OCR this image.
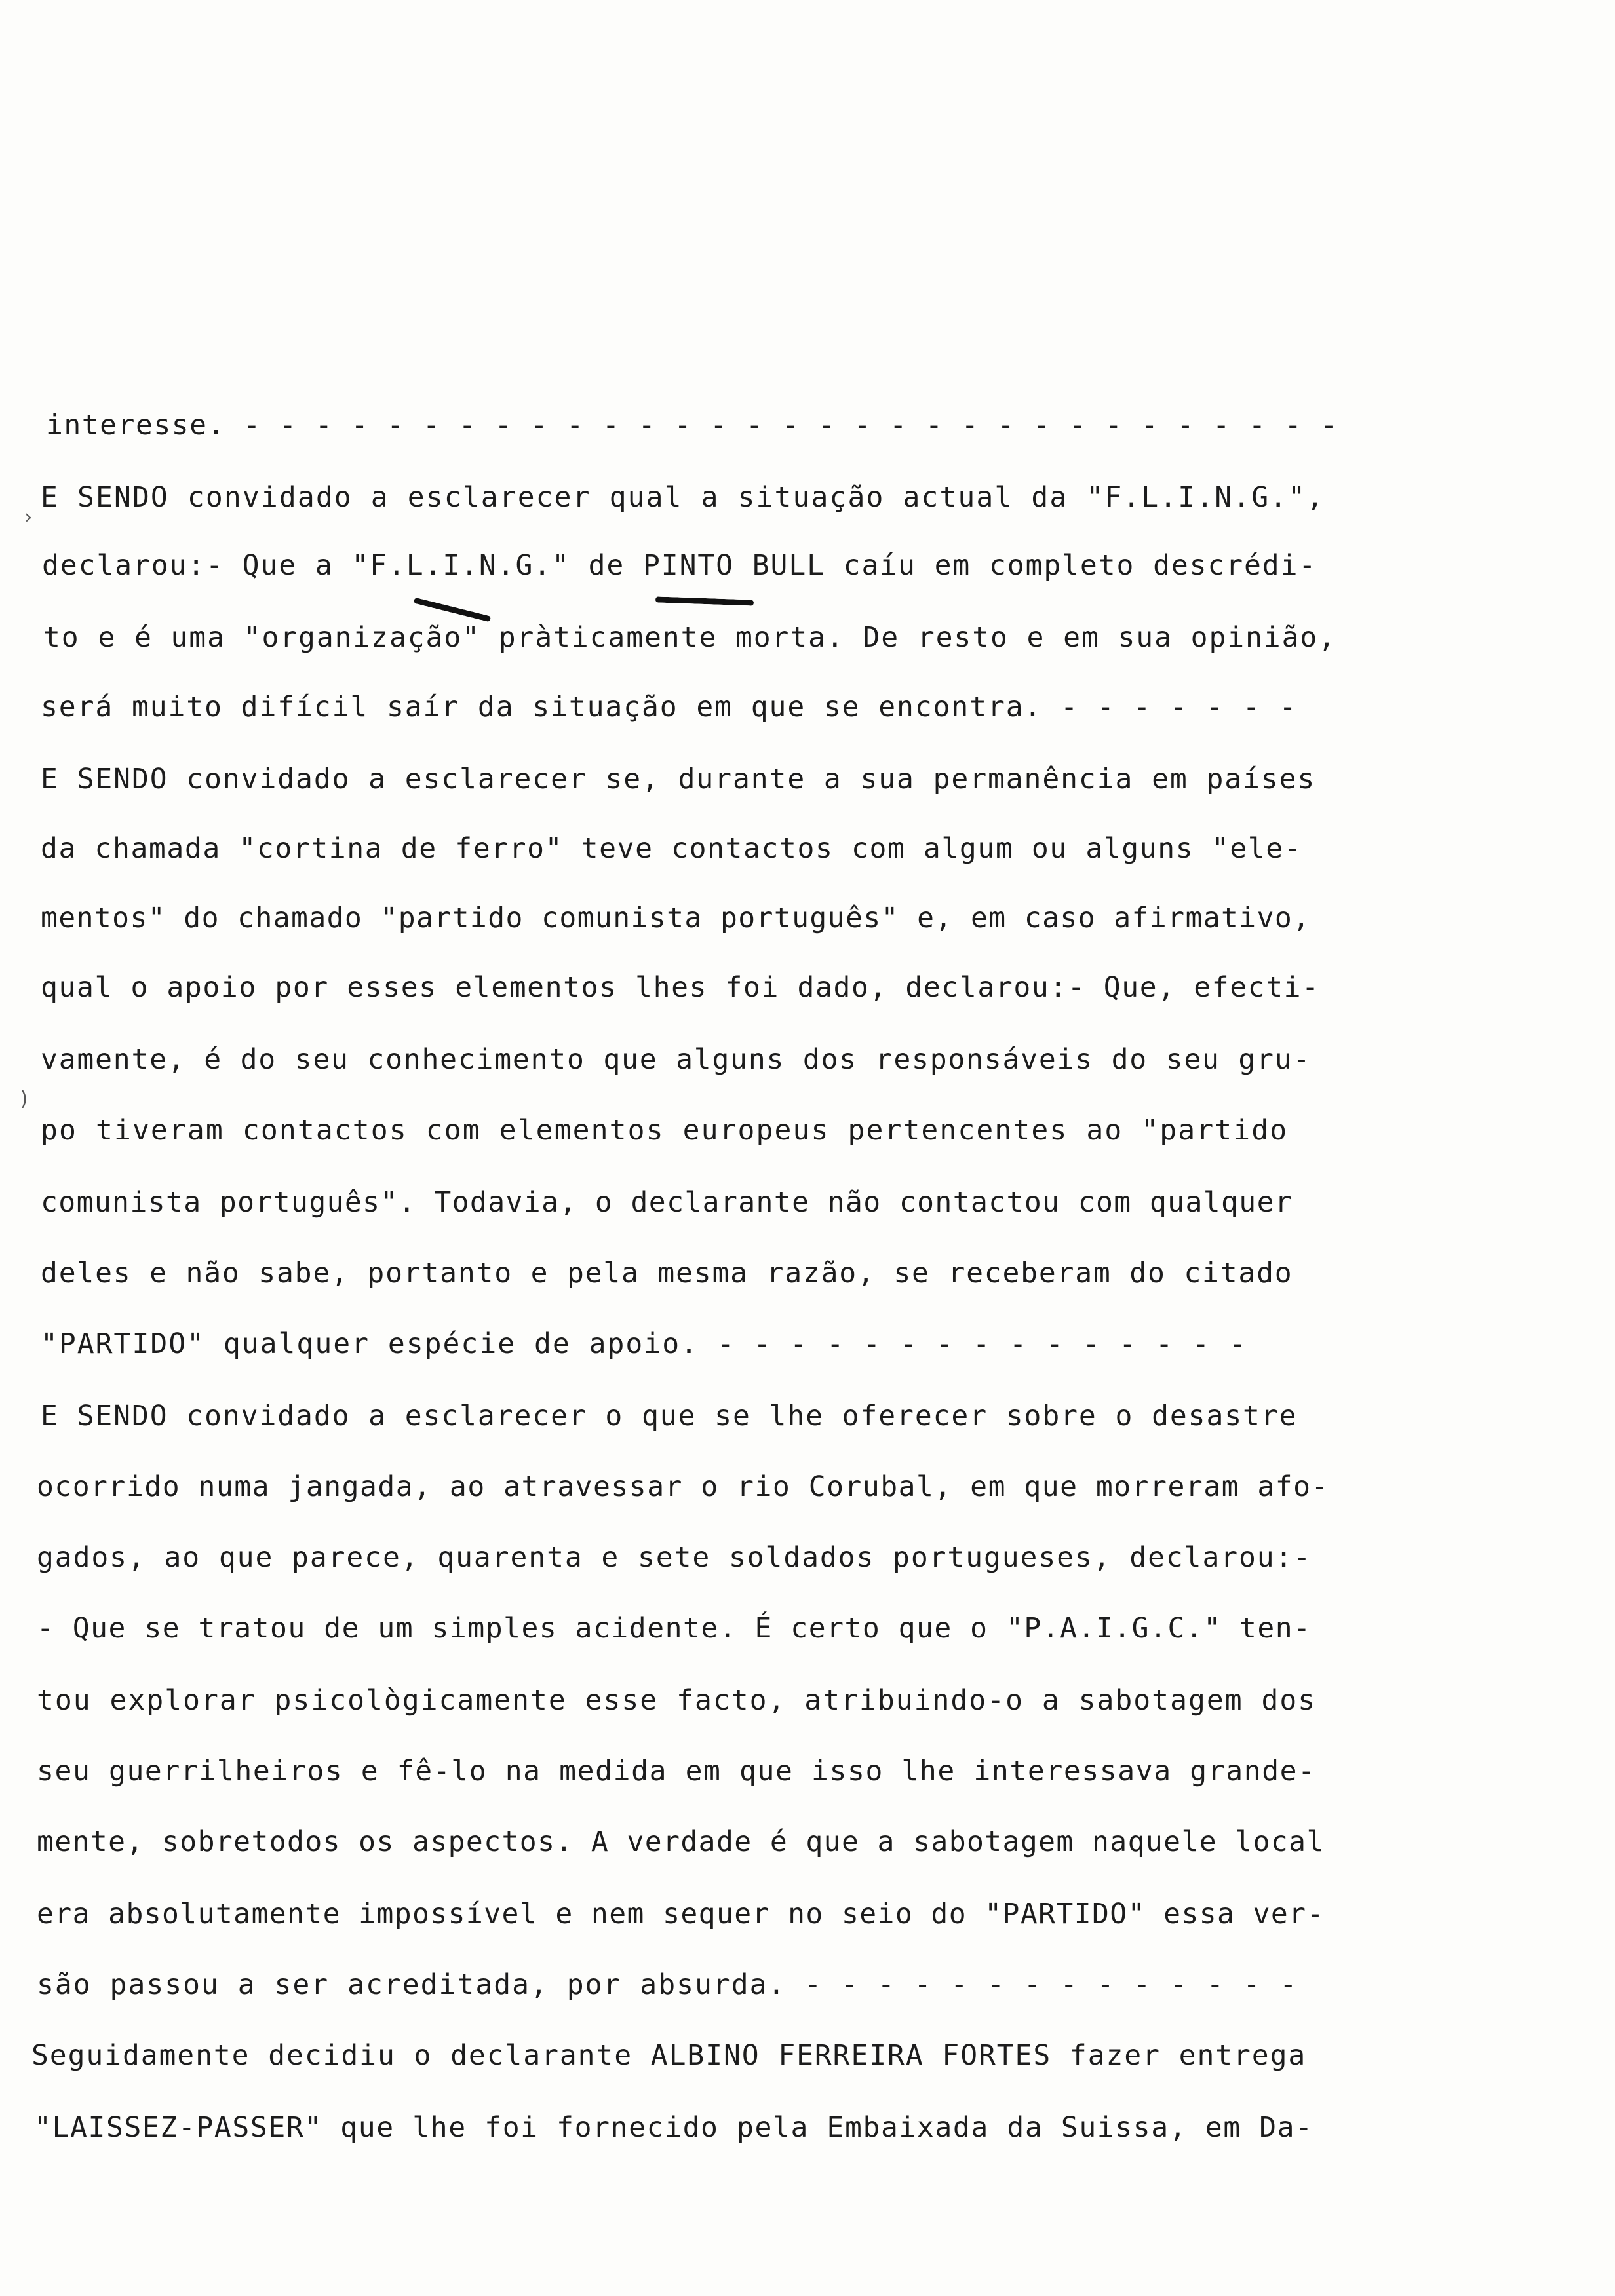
interesse. - - - - - - - - - - - - - - - - - - - - - - - - - - - - - - -
E SENDO convidado a esclarecer qual a situação actual da "F.L.I.N.G.",
declarou:- Que a "F.L.I.N.G." de PINTO BULL caíu em completo descrédi-
to e é uma "organização" pràticamente morta. De resto e em sua opinião,
será muito difícil saír da situação em que se encontra. - - - - - - -
E SENDO convidado a esclarecer se, durante a sua permanência em países
da chamada "cortina de ferro" teve contactos com algum ou alguns "ele-
mentos" do chamado "partido comunista português" e, em caso afirmativo,
qual o apoio por esses elementos lhes foi dado, declarou:- Que, efecti-
vamente, é do seu conhecimento que alguns dos responsáveis do seu gru-
po tiveram contactos com elementos europeus pertencentes ao "partido
comunista português". Todavia, o declarante não contactou com qualquer
deles e não sabe, portanto e pela mesma razão, se receberam do citado
"PARTIDO" qualquer espécie de apoio. - - - - - - - - - - - - - - -
E SENDO convidado a esclarecer o que se lhe oferecer sobre o desastre
ocorrido numa jangada, ao atravessar o rio Corubal, em que morreram afo-
gados, ao que parece, quarenta e sete soldados portugueses, declarou:-
- Que se tratou de um simples acidente. É certo que o "P.A.I.G.C." ten-
tou explorar psicològicamente esse facto, atribuindo-o a sabotagem dos
seu guerrilheiros e fê-lo na medida em que isso lhe interessava grande-
mente, sobretodos os aspectos. A verdade é que a sabotagem naquele local
era absolutamente impossível e nem sequer no seio do "PARTIDO" essa ver-
são passou a ser acreditada, por absurda. - - - - - - - - - - - - - -
Seguidamente decidiu o declarante ALBINO FERREIRA FORTES fazer entrega
"LAISSEZ-PASSER" que lhe foi fornecido pela Embaixada da Suissa, em Da-
›
)
